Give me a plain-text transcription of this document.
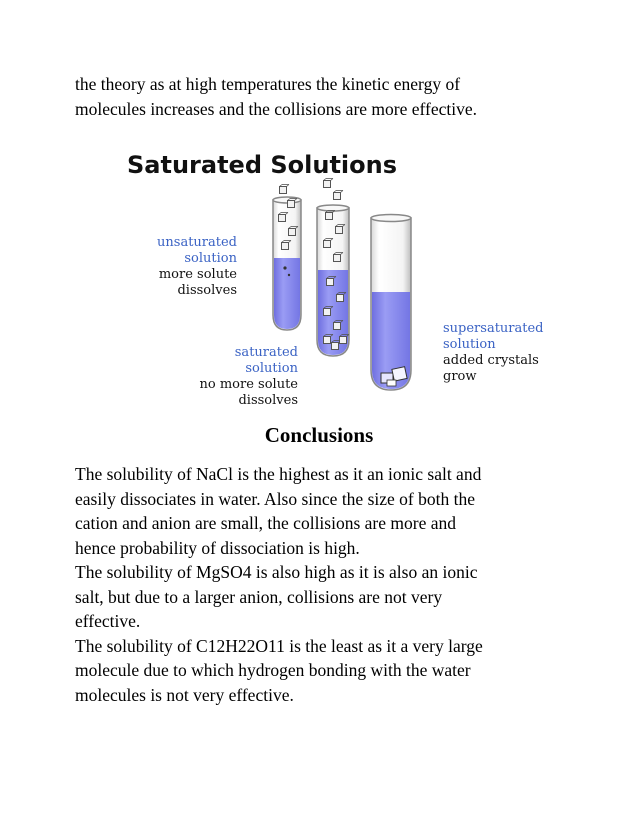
the theory as at high temperatures the kinetic energy of

molecules increases and the collisions are more effective.

Saturated Solutions
unsaturated
solution
more solute
dissolves
saturated
solution
no more solute
dissolves
supersaturated
solution
added crystals
grow
Conclusions

The solubility of NaCl is the highest as it an ionic salt and

easily dissociates in water. Also since the size of both the

cation and anion are small, the collisions are more and

hence probability of dissociation is high.

The solubility of MgSO4 is also high as it is also an ionic

salt, but due to a larger anion, collisions are not very

effective.

The solubility of C12H22O11 is the least as it a very large

molecule due to which hydrogen bonding with the water

molecules is not very effective.
